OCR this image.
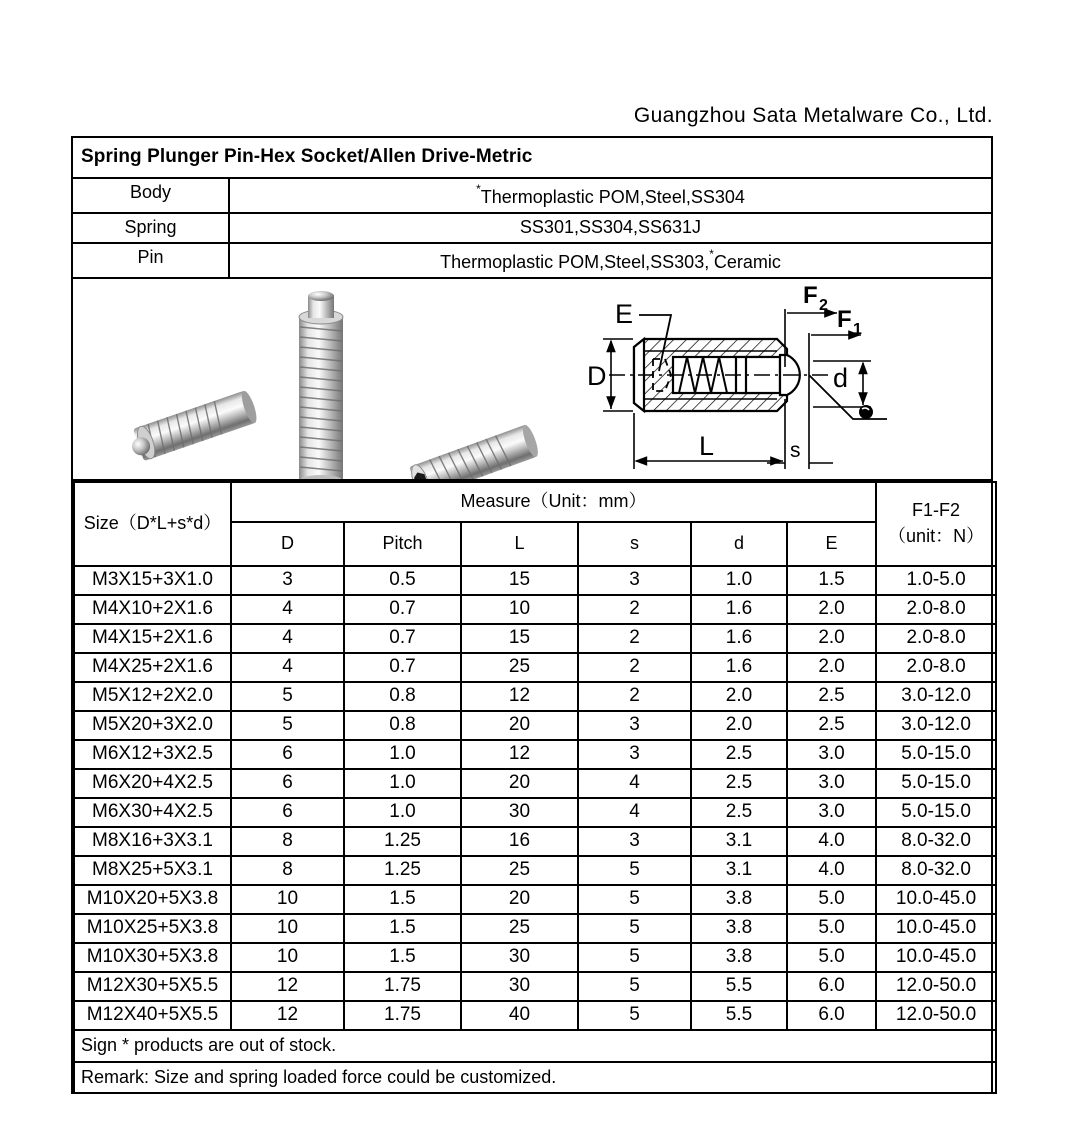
Guangzhou Sata Metalware Co., Ltd.
Spring Plunger Pin-Hex Socket/Allen Drive-Metric
Body	*Thermoplastic POM,Steel,SS304
Spring	SS301,SS304,SS631J
Pin	Thermoplastic POM,Steel,SS303,*Ceramic
D
E
L	s
F 2
F 1
d
Size（D*L+s*d）	Measure（Unit：mm）						F1-F2
（unit：N）
	D	Pitch	L	s	d	E	
M3X15+3X1.0	3	0.5	15	3	1.0	1.5	1.0-5.0
M4X10+2X1.6	4	0.7	10	2	1.6	2.0	2.0-8.0
M4X15+2X1.6	4	0.7	15	2	1.6	2.0	2.0-8.0
M4X25+2X1.6	4	0.7	25	2	1.6	2.0	2.0-8.0
M5X12+2X2.0	5	0.8	12	2	2.0	2.5	3.0-12.0
M5X20+3X2.0	5	0.8	20	3	2.0	2.5	3.0-12.0
M6X12+3X2.5	6	1.0	12	3	2.5	3.0	5.0-15.0
M6X20+4X2.5	6	1.0	20	4	2.5	3.0	5.0-15.0
M6X30+4X2.5	6	1.0	30	4	2.5	3.0	5.0-15.0
M8X16+3X3.1	8	1.25	16	3	3.1	4.0	8.0-32.0
M8X25+5X3.1	8	1.25	25	5	3.1	4.0	8.0-32.0
M10X20+5X3.8	10	1.5	20	5	3.8	5.0	10.0-45.0
M10X25+5X3.8	10	1.5	25	5	3.8	5.0	10.0-45.0
M10X30+5X3.8	10	1.5	30	5	3.8	5.0	10.0-45.0
M12X30+5X5.5	12	1.75	30	5	5.5	6.0	12.0-50.0
M12X40+5X5.5	12	1.75	40	5	5.5	6.0	12.0-50.0
Sign * products are out of stock.							
Remark: Size and spring loaded force could be customized.							
